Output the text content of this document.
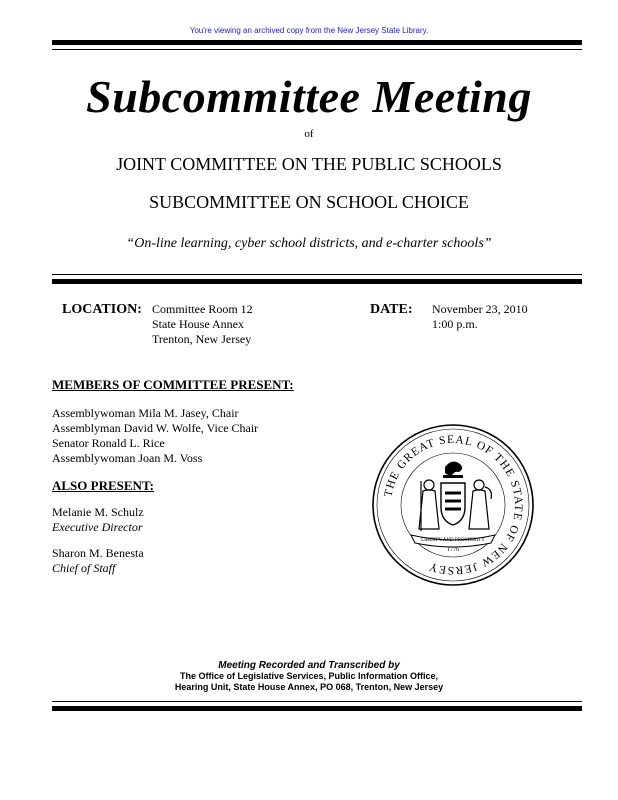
You're viewing an archived copy from the New Jersey State Library.
Subcommittee Meeting
of
JOINT COMMITTEE ON THE PUBLIC SCHOOLS
SUBCOMMITTEE ON SCHOOL CHOICE
“On-line learning, cyber school districts, and e-charter schools”
LOCATION: Committee Room 12
State House Annex
Trenton, New Jersey
DATE: November 23, 2010
1:00 p.m.
MEMBERS OF COMMITTEE PRESENT:
Assemblywoman Mila M. Jasey, Chair
Assemblyman David W. Wolfe, Vice Chair
Senator Ronald L. Rice
Assemblywoman Joan M. Voss
ALSO PRESENT:
Melanie M. Schulz
Executive Director
Sharon M. Benesta
Chief of Staff
THE GREAT SEAL OF THE STATE OF NEW JERSEY
LIBERTY AND PROSPERITY
1776
Meeting Recorded and Transcribed by
The Office of Legislative Services, Public Information Office,
Hearing Unit, State House Annex, PO 068, Trenton, New Jersey
